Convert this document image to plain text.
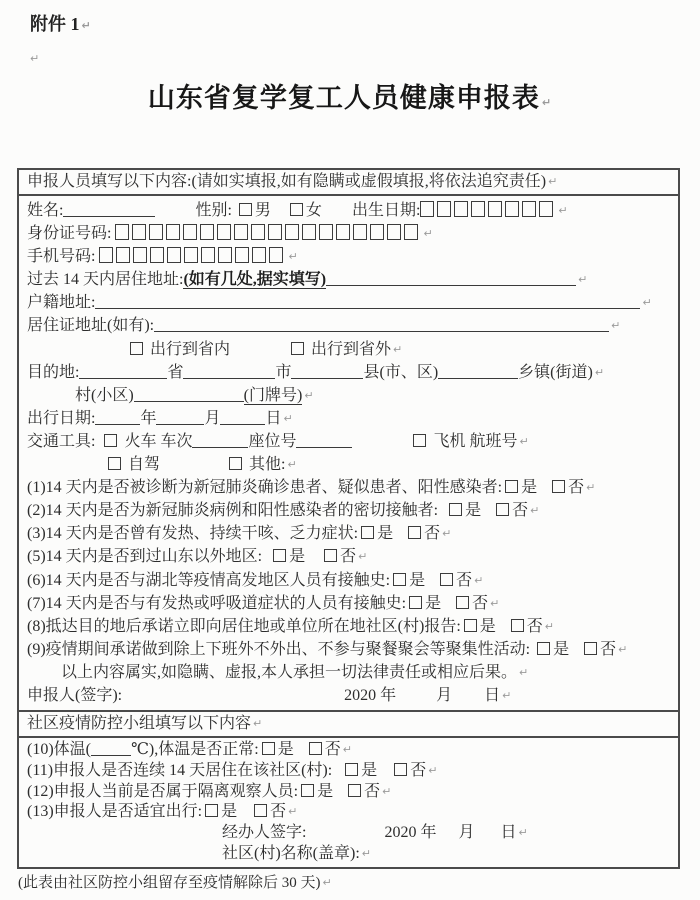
附件 1 ↵
↵
山东省复学复工人员健康申报表 ↵
申报人员填写以下内容:(请如实填报,如有隐瞒或虚假填报,将依法追究责任) ↵
姓名:	性别: 男 女 出生日期:	↵
身份证号码:	↵
手机号码:	↵
过去 14 天内居住地址:(如有几处,据实填写)	↵
户籍地址:	↵
居住证地址(如有):	↵
出行到省内	出行到省外 ↵
目的地:	省	市	县(市、区)	乡镇(街道) ↵
村(小区)	(门牌号) ↵
出行日期:	年	月	日 ↵
交通工具: 火车 车次	座位号	飞机 航班号 ↵
自驾	其他: ↵
(1)14 天内是否被诊断为新冠肺炎确诊患者、疑似患者、阳性感染者: 是 否 ↵
(2)14 天内是否为新冠肺炎病例和阳性感染者的密切接触者: 是 否 ↵
(3)14 天内是否曾有发热、持续干咳、乏力症状: 是 否 ↵
(5)14 天内是否到过山东以外地区: 是 否 ↵
(6)14 天内是否与湖北等疫情高发地区人员有接触史: 是 否 ↵
(7)14 天内是否与有发热或呼吸道症状的人员有接触史: 是 否 ↵
(8)抵达目的地后承诺立即向居住地或单位所在地社区(村)报告: 是 否 ↵
(9)疫情期间承诺做到除上下班外不外出、不参与聚餐聚会等聚集性活动: 是 否 ↵
以上内容属实,如隐瞒、虚报,本人承担一切法律责任或相应后果。 ↵
申报人(签字):	2020 年	月 日 ↵
社区疫情防控小组填写以下内容 ↵
(10)体温(	℃),体温是否正常: 是 否 ↵
(11)申报人是否连续 14 天居住在该社区(村): 是 否 ↵
(12)申报人当前是否属于隔离观察人员: 是 否 ↵
(13)申报人是否适宜出行: 是 否 ↵
经办人签字:	2020 年 月 日 ↵
社区(村)名称(盖章): ↵
(此表由社区防控小组留存至疫情解除后 30 天) ↵
